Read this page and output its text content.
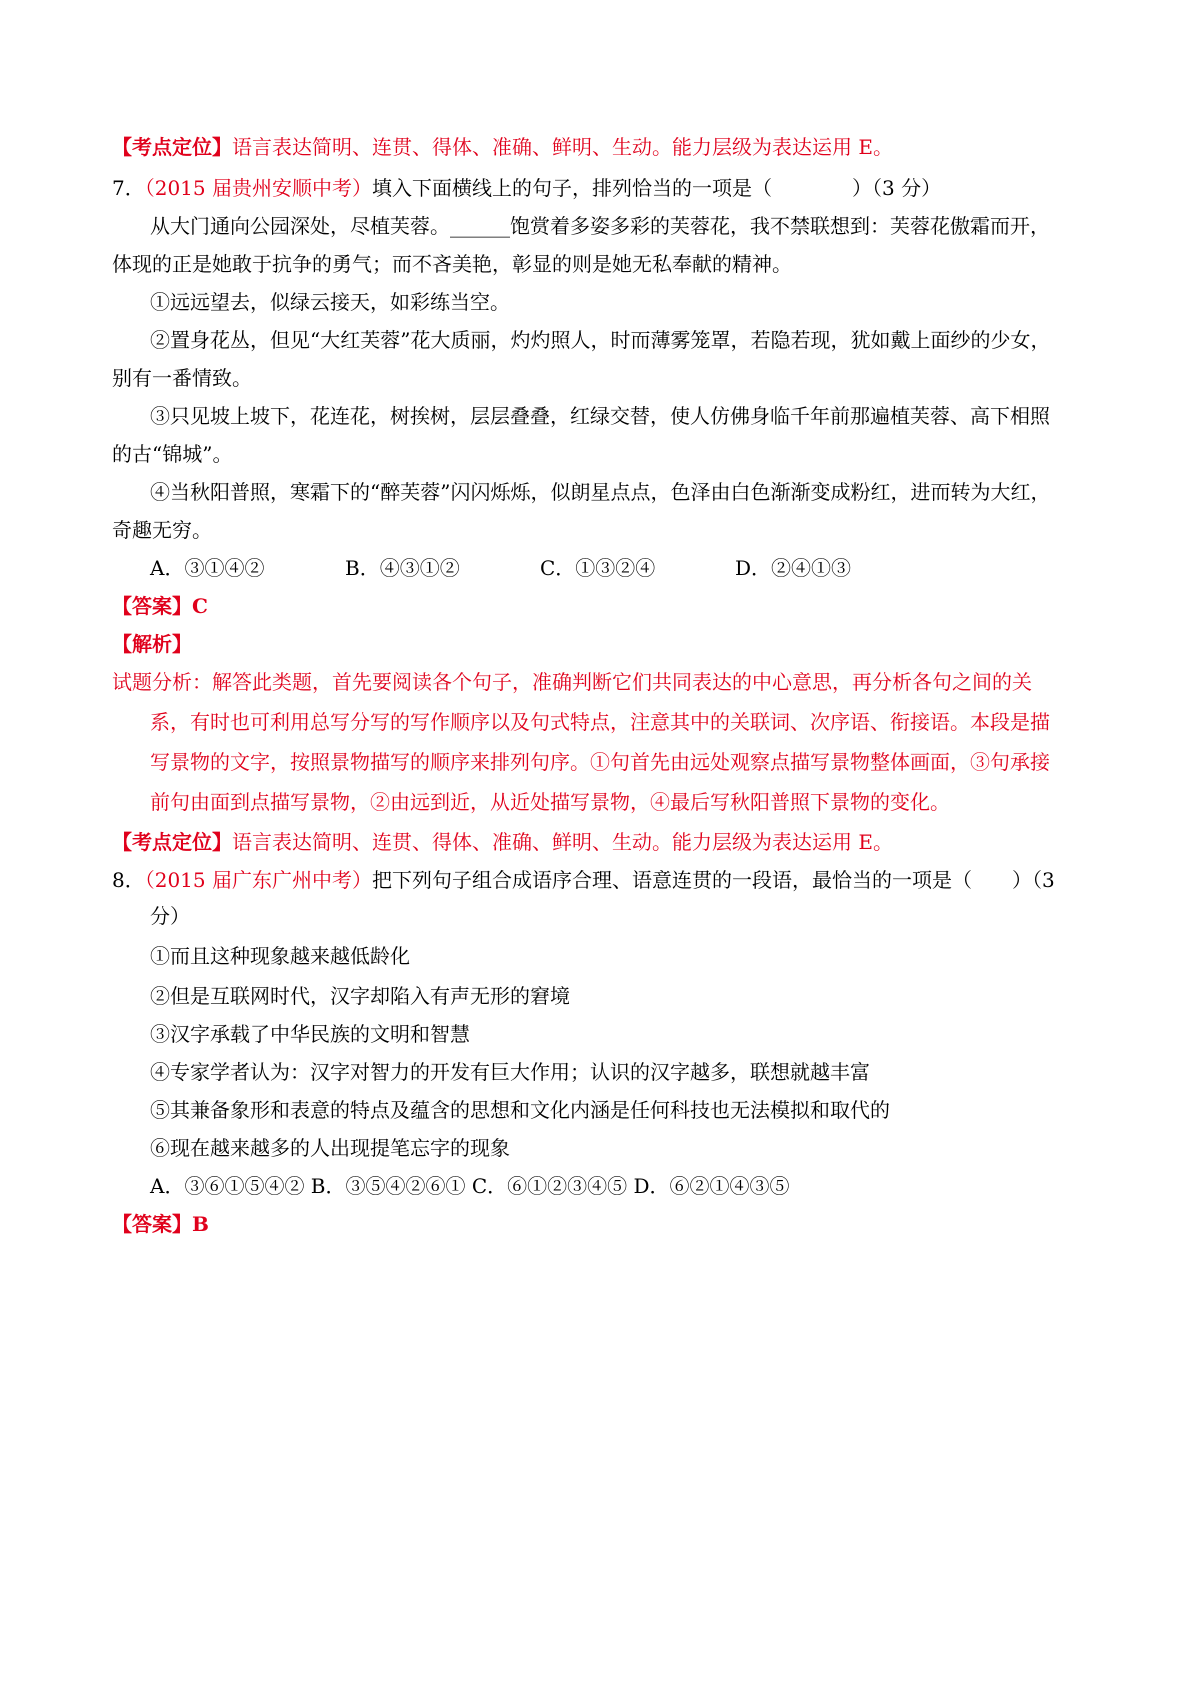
【考点定位】语言表达简明、连贯、得体、准确、鲜明、生动。能力层级为表达运用 E。

7．（2015 届贵州安顺中考）填入下面横线上的句子，排列恰当的一项是（　　　　）（3 分）

从大门通向公园深处，尽植芙蓉。______饱赏着多姿多彩的芙蓉花，我不禁联想到：芙蓉花傲霜而开，

体现的正是她敢于抗争的勇气；而不吝美艳，彰显的则是她无私奉献的精神。

①远远望去，似绿云接天，如彩练当空。

②置身花丛，但见“大红芙蓉”花大质丽，灼灼照人，时而薄雾笼罩，若隐若现，犹如戴上面纱的少女，

别有一番情致。

③只见坡上坡下，花连花，树挨树，层层叠叠，红绿交替，使人仿佛身临千年前那遍植芙蓉、高下相照

的古“锦城”。

④当秋阳普照，寒霜下的“醉芙蓉”闪闪烁烁，似朗星点点，色泽由白色渐渐变成粉红，进而转为大红，

奇趣无穷。

A．③①④②	B．④③①②	C．①③②④	D．②④①③

【答案】C

【解析】

试题分析：解答此类题，首先要阅读各个句子，准确判断它们共同表达的中心意思，再分析各句之间的关

系，有时也可利用总写分写的写作顺序以及句式特点，注意其中的关联词、次序语、衔接语。本段是描

写景物的文字，按照景物描写的顺序来排列句序。①句首先由远处观察点描写景物整体画面，③句承接

前句由面到点描写景物，②由远到近，从近处描写景物，④最后写秋阳普照下景物的变化。

【考点定位】语言表达简明、连贯、得体、准确、鲜明、生动。能力层级为表达运用 E。

8．（2015 届广东广州中考）把下列句子组合成语序合理、语意连贯的一段语，最恰当的一项是（　　）（3

分）

①而且这种现象越来越低龄化

②但是互联网时代，汉字却陷入有声无形的窘境

③汉字承载了中华民族的文明和智慧

④专家学者认为：汉字对智力的开发有巨大作用；认识的汉字越多，联想就越丰富

⑤其兼备象形和表意的特点及蕴含的思想和文化内涵是任何科技也无法模拟和取代的

⑥现在越来越多的人出现提笔忘字的现象

A．③⑥①⑤④② B．③⑤④②⑥① C．⑥①②③④⑤ D．⑥②①④③⑤

【答案】B
